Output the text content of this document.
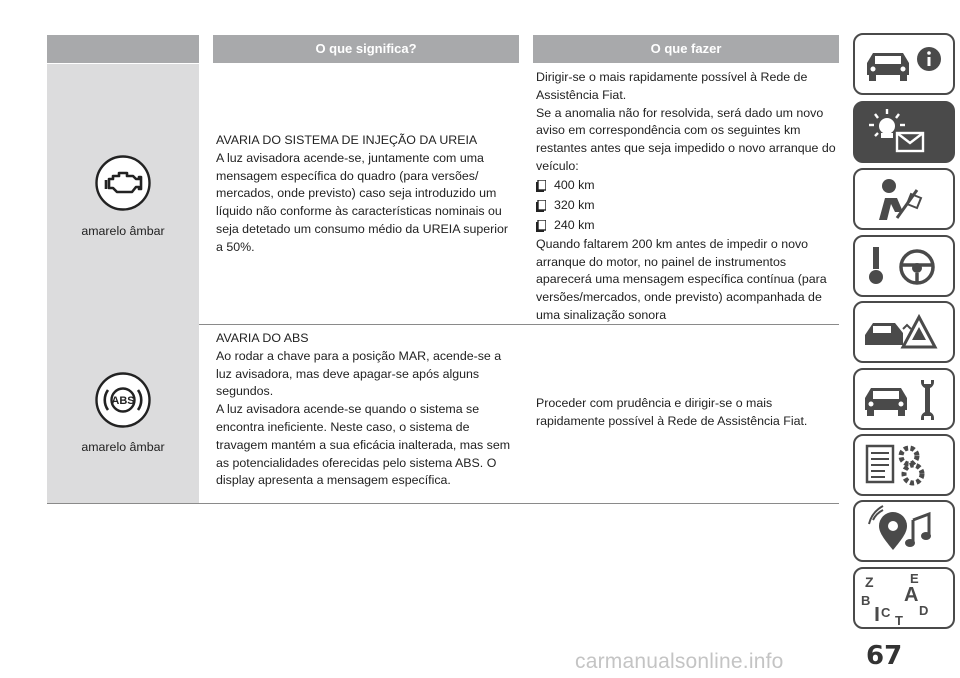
O que significa?	O que fazer
amarelo âmbar
AVARIA DO SISTEMA DE INJEÇÃO DA UREIA
A luz avisadora acende-se, juntamente com uma
mensagem específica do quadro (para versões/
mercados, onde previsto) caso seja introduzido um
líquido não conforme às características nominais ou
seja detetado um consumo médio da UREIA superior
a 50%.
Dirigir-se o mais rapidamente possível à Rede de
Assistência Fiat.
Se a anomalia não for resolvida, será dado um novo
aviso em correspondência com os seguintes km
restantes antes que seja impedido o novo arranque do
veículo:
400 km
320 km
240 km
Quando faltarem 200 km antes de impedir o novo
arranque do motor, no painel de instrumentos
aparecerá uma mensagem específica contínua (para
versões/mercados, onde previsto) acompanhada de
uma sinalização sonora
ABS
amarelo âmbar
AVARIA DO ABS
Ao rodar a chave para a posição MAR, acende-se a
luz avisadora, mas deve apagar-se após alguns
segundos.
A luz avisadora acende-se quando o sistema se
encontra ineficiente. Neste caso, o sistema de
travagem mantém a sua eficácia inalterada, mas sem
as potencialidades oferecidas pelo sistema ABS. O
display apresenta a mensagem específica.
Proceder com prudência e dirigir-se o mais
rapidamente possível à Rede de Assistência Fiat.
Z	E
A
B
C D
T
67
carmanualsonline.info
